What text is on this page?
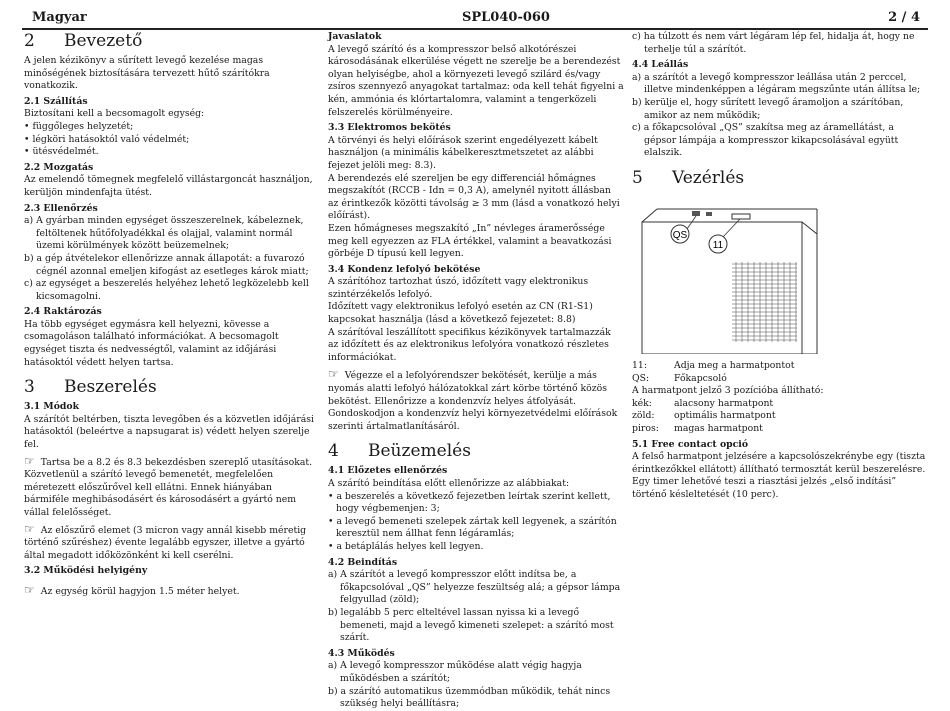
Magyar	SPL040-060	2 / 4
2 Bevezető

A jelen kézikönyv a sűrített levegő kezelése magas minőségének biztosítására tervezett hűtő szárítókra vonatkozik.

2.1 Szállítás

Biztosítani kell a becsomagolt egység:

• függőleges helyzetét;
• légköri hatásoktól való védelmét;
• ütésvédelmét.
2.2 Mozgatás

Az emelendő tömegnek megfelelő villástargoncát használjon, kerüljön mindenfajta ütést.

2.3 Ellenőrzés
a) A gyárban minden egységet összeszerelnek, kábeleznek, feltöltenek hűtőfolyadékkal és olajjal, valamint normál üzemi körülmények között beüzemelnek;
b) a gép átvételekor ellenőrizze annak állapotát: a fuvarozó cégnél azonnal emeljen kifogást az esetleges károk miatt;
c) az egységet a beszerelés helyéhez lehető legközelebb kell kicsomagolni.
2.4 Raktározás

Ha több egységet egymásra kell helyezni, kövesse a csomagoláson található információkat. A becsomagolt egységet tiszta és nedvességtől, valamint az időjárási hatásoktól védett helyen tartsa.

3 Beszerelés
3.1 Módok

A szárítót beltérben, tiszta levegőben és a közvetlen időjárási hatásoktól (beleértve a napsugarat is) védett helyen szerelje fel.

☞ Tartsa be a 8.2 és 8.3 bekezdésben szereplő utasításokat. Közvetlenül a szárító levegő bemenetét, megfelelően méretezett előszűrővel kell ellátni. Ennek hiányában bármiféle meghibásodásért és károsodásért a gyártó nem vállal felelősséget.

☞ Az előszűrő elemet (3 micron vagy annál kisebb méretig történő szűréshez) évente legalább egyszer, illetve a gyártó által megadott időközönként ki kell cserélni.

3.2 Működési helyigény

☞ Az egység körül hagyjon 1.5 méter helyet.

Javaslatok

A levegő szárító és a kompresszor belső alkotórészei károsodásának elkerülése végett ne szerelje be a berendezést olyan helyiségbe, ahol a környezeti levegő szilárd és/vagy zsíros szennyező anyagokat tartalmaz: oda kell tehát figyelni a kén, ammónia és klórtartalomra, valamint a tengerközeli felszerelés körülményeire.

3.3 Elektromos bekötés

A törvényi és helyi előírások szerint engedélyezett kábelt használjon (a minimális kábelkeresztmetszetet az alábbi fejezet jelöli meg: 8.3).

A berendezés elé szereljen be egy differenciál hőmágnes megszakítót (RCCB - Idn = 0,3 A), amelynél nyitott állásban az érintkezők közötti távolság ≥ 3 mm (lásd a vonatkozó helyi előírást).

Ezen hőmágneses megszakító „In” névleges áramerőssége meg kell egyezzen az FLA értékkel, valamint a beavatkozási görbéje D típusú kell legyen.

3.4 Kondenz lefolyó bekötése

A szárítóhoz tartozhat úszó, időzített vagy elektronikus szintérzékelős lefolyó.

Időzített vagy elektronikus lefolyó esetén az CN (R1-S1) kapcsokat használja (lásd a következő fejezetet: 8.8)

A szárítóval leszállított specifikus kézikönyvek tartalmazzák az időzített és az elektronikus lefolyóra vonatkozó részletes információkat.

☞ Végezze el a lefolyórendszer bekötését, kerülje a más nyomás alatti lefolyó hálózatokkal zárt körbe történő közös bekötést. Ellenőrizze a kondenzvíz helyes átfolyását. Gondoskodjon a kondenzvíz helyi környezetvédelmi előírások szerinti ártalmatlanításáról.

4 Beüzemelés
4.1 Előzetes ellenőrzés

A szárító beindítása előtt ellenőrizze az alábbiakat:

• a beszerelés a következő fejezetben leírtak szerint kellett, hogy végbemenjen: 3;
• a levegő bemeneti szelepek zártak kell legyenek, a szárítón keresztül nem állhat fenn légáramlás;
• a betáplálás helyes kell legyen.
4.2 Beindítás
a) A szárítót a levegő kompresszor előtt indítsa be, a főkapcsolóval „QS” helyezze feszültség alá; a gépsor lámpa felgyullad (zöld);
b) legalább 5 perc elteltével lassan nyissa ki a levegő bemeneti, majd a levegő kimeneti szelepet: a szárító most szárít.
4.3 Működés
a) A levegő kompresszor működése alatt végig hagyja működésben a szárítót;
b) a szárító automatikus üzemmódban működik, tehát nincs szükség helyi beállításra;
c) ha túlzott és nem várt légáram lép fel, hidalja át, hogy ne terhelje túl a szárítót.
4.4 Leállás
a) a szárítót a levegő kompresszor leállása után 2 perccel, illetve mindenképpen a légáram megszűnte után állítsa le;
b) kerülje el, hogy sűrített levegő áramoljon a szárítóban, amikor az nem működik;
c) a főkapcsolóval „QS” szakítsa meg az áramellátást, a gépsor lámpája a kompresszor kikapcsolásával együtt elalszik.
5 Vezérlés
QS
11
11:	Adja meg a harmatpontot
QS:	Főkapcsoló

A harmatpont jelző 3 pozícióba állítható:

kék:	alacsony harmatpont
zöld:	optimális harmatpont
piros:	magas harmatpont
5.1 Free contact opció

A felső harmatpont jelzésére a kapcsolószekrénybe egy (tiszta érintkezőkkel ellátott) állítható termosztát kerül beszerelésre. Egy timer lehetővé teszi a riasztási jelzés „első indítási” történő késleltetését (10 perc).
